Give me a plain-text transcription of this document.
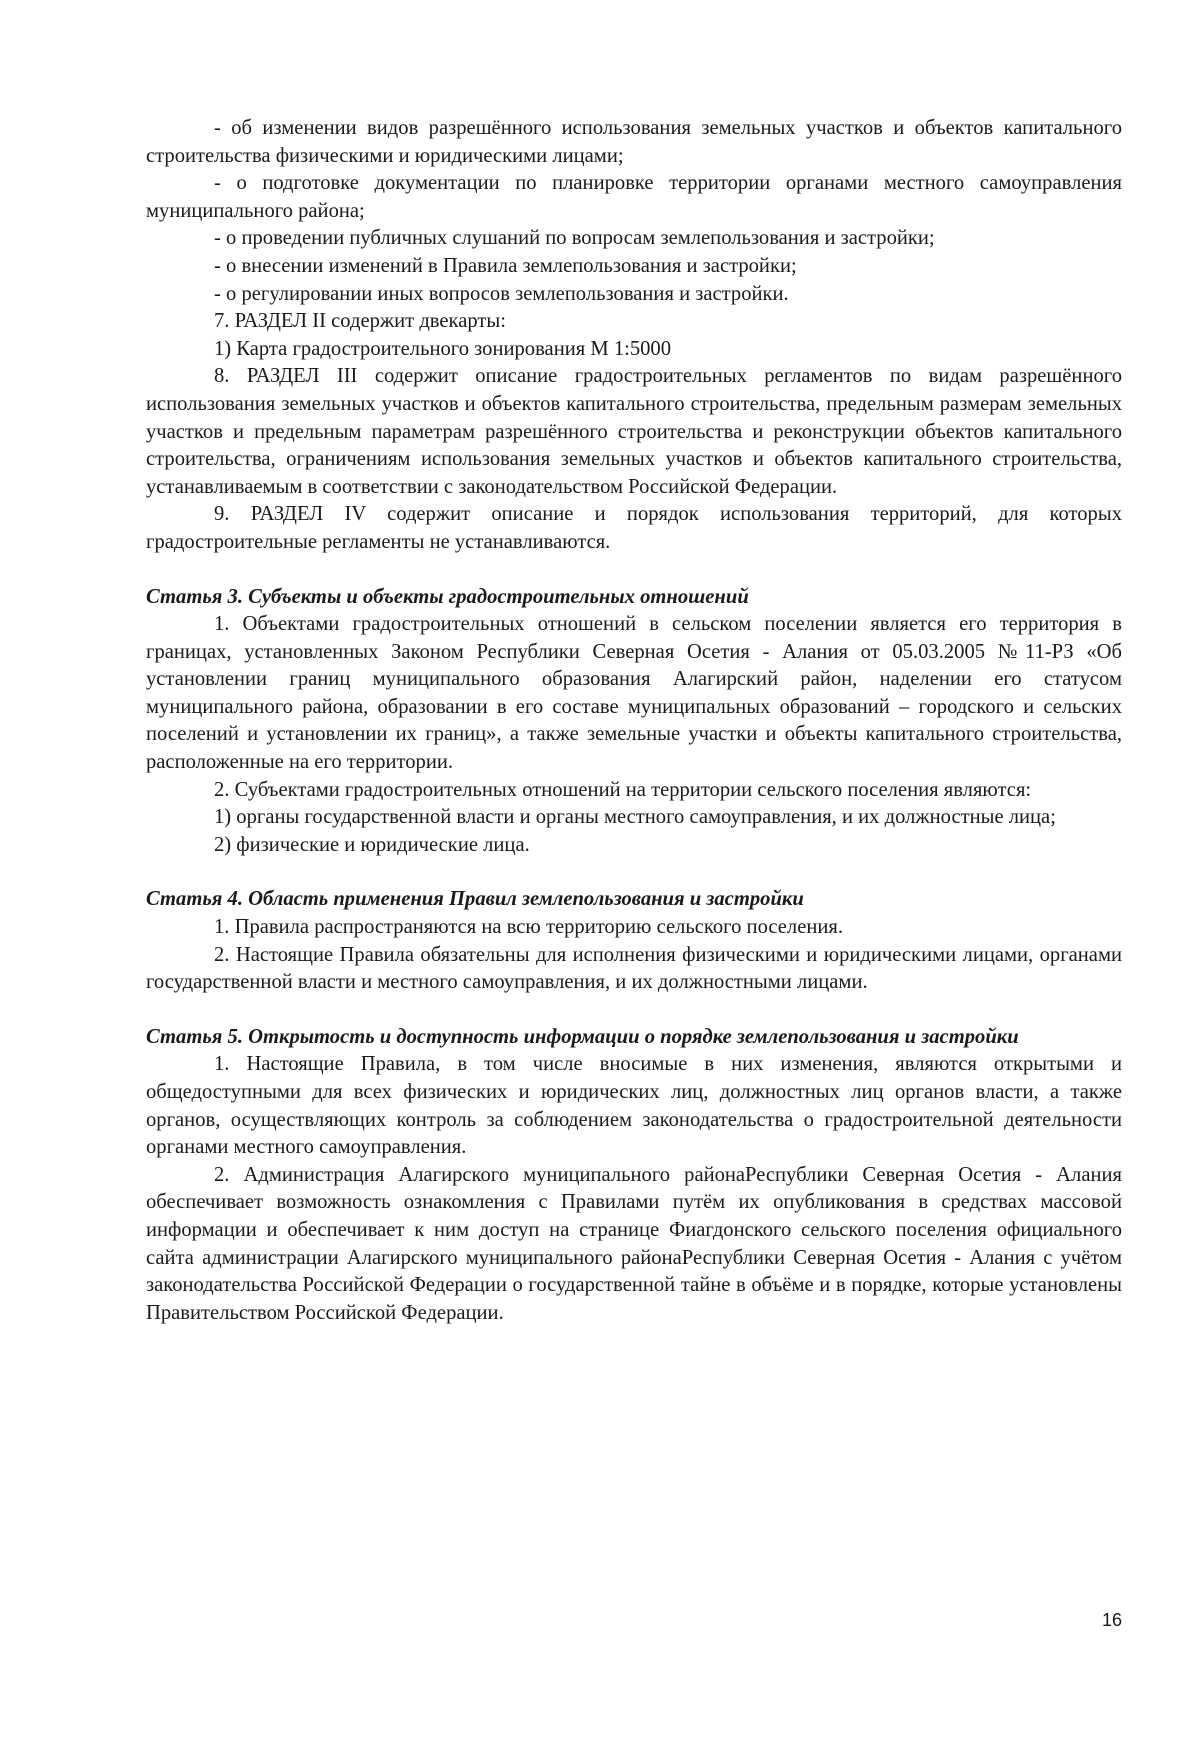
- об изменении видов разрешённого использования земельных участков и объектов капитального строительства физическими и юридическими лицами;

- о подготовке документации по планировке территории органами местного самоуправления муниципального района;

- о проведении публичных слушаний по вопросам землепользования и застройки;

- о внесении изменений в Правила землепользования и застройки;

- о регулировании иных вопросов землепользования и застройки.

7. РАЗДЕЛ II содержит двекарты:

1) Карта градостроительного зонирования М 1:5000

8. РАЗДЕЛ III содержит описание градостроительных регламентов по видам разрешённого использования земельных участков и объектов капитального строительства, предельным размерам земельных участков и предельным параметрам разрешённого строительства и реконструкции объектов капитального строительства, ограничениям использования земельных участков и объектов капитального строительства, устанавливаемым в соответствии с законодательством Российской Федерации.

9. РАЗДЕЛ IV содержит описание и порядок использования территорий, для которых градостроительные регламенты не устанавливаются.

Статья 3. Субъекты и объекты градостроительных отношений

1. Объектами градостроительных отношений в сельском поселении является его территория в границах, установленных Законом Республики Северная Осетия - Алания от 05.03.2005 №11-РЗ «Об установлении границ муниципального образования Алагирский район, наделении его статусом муниципального района, образовании в его составе муниципальных образований – городского и сельских поселений и установлении их границ», а также земельные участки и объекты капитального строительства, расположенные на его территории.

2. Субъектами градостроительных отношений на территории сельского поселения являются:

1) органы государственной власти и органы местного самоуправления, и их должностные лица;

2) физические и юридические лица.

Статья 4. Область применения Правил землепользования и застройки

1. Правила распространяются на всю территорию сельского поселения.

2. Настоящие Правила обязательны для исполнения физическими и юридическими лицами, органами государственной власти и местного самоуправления, и их должностными лицами.

Статья 5. Открытость и доступность информации о порядке землепользования и застройки

1. Настоящие Правила, в том числе вносимые в них изменения, являются открытыми и общедоступными для всех физических и юридических лиц, должностных лиц органов власти, а также органов, осуществляющих контроль за соблюдением законодательства о градостроительной деятельности органами местного самоуправления.

2. Администрация Алагирского муниципального районаРеспублики Северная Осетия - Алания обеспечивает возможность ознакомления с Правилами путём их опубликования в средствах массовой информации и обеспечивает к ним доступ на странице Фиагдонского сельского поселения официального сайта администрации Алагирского муниципального районаРеспублики Северная Осетия - Алания с учётом законодательства Российской Федерации о государственной тайне в объёме и в порядке, которые установлены Правительством Российской Федерации.

16
